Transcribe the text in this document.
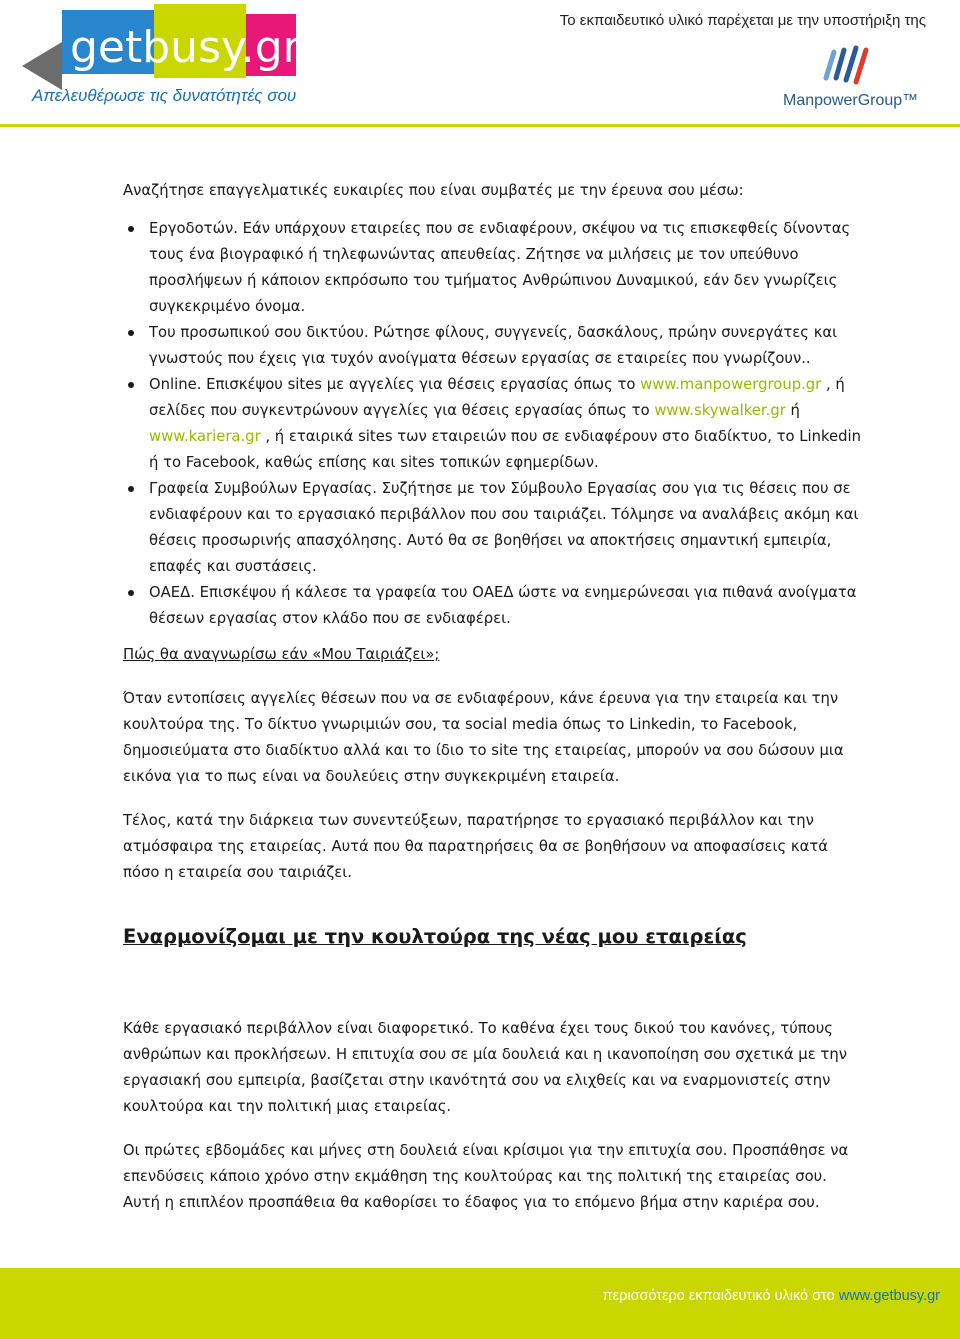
getbusy.gr
Απελευθέρωσε τις δυνατότητές σου
Το εκπαιδευτικό υλικό παρέχεται με την υποστήριξη της
ManpowerGroup™

Αναζήτησε επαγγελματικές ευκαιρίες που είναι συμβατές με την έρευνα σου μέσω:

Εργοδοτών. Εάν υπάρχουν εταιρείες που σε ενδιαφέρουν, σκέψου να τις επισκεφθείς δίνοντας τους ένα βιογραφικό ή τηλεφωνώντας απευθείας. Ζήτησε να μιλήσεις με τον υπεύθυνο προσλήψεων ή κάποιον εκπρόσωπο του τμήματος Ανθρώπινου Δυναμικού, εάν δεν γνωρίζεις συγκεκριμένο όνομα.
Του προσωπικού σου δικτύου. Ρώτησε φίλους, συγγενείς, δασκάλους, πρώην συνεργάτες και γνωστούς που έχεις για τυχόν ανοίγματα θέσεων εργασίας σε εταιρείες που γνωρίζουν..
Online. Επισκέψου sites με αγγελίες για θέσεις εργασίας όπως το www.manpowergroup.gr , ή σελίδες που συγκεντρώνουν αγγελίες για θέσεις εργασίας όπως το www.skywalker.gr ή www.kariera.gr , ή εταιρικά sites των εταιρειών που σε ενδιαφέρουν στο διαδίκτυο, το Linkedin ή το Facebook, καθώς επίσης και sites τοπικών εφημερίδων.
Γραφεία Συμβούλων Εργασίας. Συζήτησε με τον Σύμβουλο Εργασίας σου για τις θέσεις που σε ενδιαφέρουν και το εργασιακό περιβάλλον που σου ταιριάζει. Τόλμησε να αναλάβεις ακόμη και θέσεις προσωρινής απασχόλησης. Αυτό θα σε βοηθήσει να αποκτήσεις σημαντική εμπειρία, επαφές και συστάσεις.
ΟΑΕΔ. Επισκέψου ή κάλεσε τα γραφεία του ΟΑΕΔ ώστε να ενημερώνεσαι για πιθανά ανοίγματα θέσεων εργασίας στον κλάδο που σε ενδιαφέρει.

Πώς θα αναγνωρίσω εάν «Μου Ταιριάζει»;

Όταν εντοπίσεις αγγελίες θέσεων που να σε ενδιαφέρουν, κάνε έρευνα για την εταιρεία και την κουλτούρα της. Το δίκτυο γνωριμιών σου, τα social media όπως το Linkedin, το Facebook, δημοσιεύματα στο διαδίκτυο αλλά και το ίδιο το site της εταιρείας, μπορούν να σου δώσουν μια εικόνα για το πως είναι να δουλεύεις στην συγκεκριμένη εταιρεία.

Τέλος, κατά την διάρκεια των συνεντεύξεων, παρατήρησε το εργασιακό περιβάλλον και την ατμόσφαιρα της εταιρείας. Αυτά που θα παρατηρήσεις θα σε βοηθήσουν να αποφασίσεις κατά πόσο η εταιρεία σου ταιριάζει.

Εναρμονίζομαι με την κουλτούρα της νέας μου εταιρείας

Κάθε εργασιακό περιβάλλον είναι διαφορετικό. Το καθένα έχει τους δικού του κανόνες, τύπους ανθρώπων και προκλήσεων. Η επιτυχία σου σε μία δουλειά και η ικανοποίηση σου σχετικά με την εργασιακή σου εμπειρία, βασίζεται στην ικανότητά σου να ελιχθείς και να εναρμονιστείς στην κουλτούρα και την πολιτική μιας εταιρείας.

Οι πρώτες εβδομάδες και μήνες στη δουλειά είναι κρίσιμοι για την επιτυχία σου. Προσπάθησε να επενδύσεις κάποιο χρόνο στην εκμάθηση της κουλτούρας και της πολιτική της εταιρείας σου. Αυτή η επιπλέον προσπάθεια θα καθορίσει το έδαφος για το επόμενο βήμα στην καριέρα σου.

περισσότερο εκπαιδευτικό υλικό στο www.getbusy.gr
